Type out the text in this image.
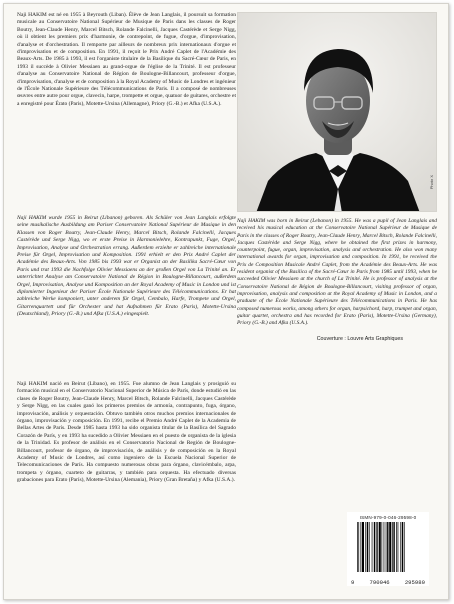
Naji HAKIM est né en 1955 à Beyrouth (Liban). Élève de Jean Langlais, il poursuit sa formation musicale au Conservatoire National Supérieur de Musique de Paris dans les classes de Roger Boutry, Jean-Claude Henry, Marcel Bitsch, Rolande Falcinelli, Jacques Castérède et Serge Nigg, où il obtient les premiers prix d'harmonie, de contrepoint, de fugue, d'orgue, d'improvisation, d'analyse et d'orchestration. Il remporte par ailleurs de nombreux prix internationaux d'orgue et d'improvisation et de composition. En 1991, il reçoit le Prix André Caplet de l'Académie des Beaux-Arts. De 1985 à 1993, il est l'organiste titulaire de la Basilique du Sacré-Cœur de Paris, en 1993 il succède à Olivier Messiaen au grand-orgue de l'église de la Trinité. Il est professeur d'analyse au Conservatoire National de Région de Boulogne-Billancourt, professeur d'orgue, d'improvisation, d'analyse et de composition à la Royal Academy of Music de Londres et ingénieur de l'École Nationale Supérieure des Télécommunications de Paris. Il a composé de nombreuses œuvres entre autre pour orgue, clavecin, harpe, trompette et orgue, quatuor de guitares, orchestre et a enregistré pour Érato (Paris), Motette-Ursina (Allemagne), Priory (G.-B.) et Afka (U.S.A.).

Naji HAKIM wurde 1955 in Beirut (Libanon) geboren. Als Schüler von Jean Langlais erfolgte seine musikalische Ausbildung am Pariser Conservatoire National Supérieur de Musique in den Klassen von Roger Boutry, Jean-Claude Henry, Marcel Bitsch, Rolande Falcinelli, Jacques Castérède und Serge Nigg, wo er erste Preise in Harmonielehre, Kontrapunkt, Fuge, Orgel, Improvisation, Analyse und Orchestration errang. Außerdem erzielte er zahlreiche internationale Preise für Orgel, Improvisation und Komposition. 1991 erhielt er den Prix André Caplet der Académie des Beaux-Arts. Von 1985 bis 1993 war er Organist an der Basilika Sacré-Cœur von Paris und trat 1993 die Nachfolge Olivier Messiaens an der großen Orgel von La Trinité an. Er unterrichtet Analyse am Conservatoire National de Région in Boulogne-Billancourt, außerdem Orgel, Improvisation, Analyse und Komposition an der Royal Academy of Music in London und ist diplomierter Ingenieur der Pariser École Nationale Supérieure des Télécommunications. Er hat zahlreiche Werke komponiert, unter anderem für Orgel, Cembalo, Harfe, Trompete und Orgel, Gitarrenquartett und für Orchester und hat Aufnahmen für Erato (Paris), Motette-Ursina (Deutschland), Priory (G.-B.) und Afka (U.S.A.) eingespielt.

Naji HAKIM nació en Beirut (Líbano), en 1955. Fue alumno de Jean Langlais y prosiguió su formación musical en el Conservatorio Nacional Superior de Música de París, donde estudió en las clases de Roger Boutry, Jean-Claude Henry, Marcel Bitsch, Rolande Falcinelli, Jacques Castérède y Serge Nigg, en las cuales ganó los primeros premios de armonía, contrapunto, fuga, órgano, improvisación, análisis y orquestación. Obtuvo también otros muchos premios internacionales de órgano, improvisación y composición. En 1991, recibe el Premio André Caplet de la Academia de Bellas Artes de París. Desde 1985 hasta 1993 ha sido organista titular de la Basílica del Sagrado Corazón de París, y en 1993 ha sucedido a Olivier Messiaen en el puesto de organista de la iglesia de la Trinidad. Es profesor de análisis en el Conservatorio Nacional de Región de Boulogne-Billancourt, profesor de órgano, de improvisación, de análisis y de composición en la Royal Academy of Music de Londres, así como ingeniero de la Escuela Nacional Superior de Telecomunicaciones de París. Ha compuesto numerosas obras para órgano, clavicémbalo, arpa, trompeta y órgano, cuarteto de guitarras, y también para orquesta. Ha efectuado diversas grabaciones para Erato (París), Motette-Ursina (Alemania), Priory (Gran Bretaña) y Afka (U.S.A.).

Photo X

Naji HAKIM was born in Beirut (Lebanon) in 1955. He was a pupil of Jean Langlais and received his musical education at the Conservatoire National Supérieur de Musique de Paris in the classes of Roger Boutry, Jean-Claude Henry, Marcel Bitsch, Rolande Falcinelli, Jacques Castérède and Serge Nigg, where he obtained the first prizes in harmony, counterpoint, fugue, organ, improvisation, analysis and orchestration. He also won many international awards for organ, improvisation and composition. In 1991, he received the Prix de Composition Musicale André Caplet, from the Académie des Beaux-Arts. He was resident organist of the Basilica of the Sacré-Cœur in Paris from 1985 until 1993, when he succeeded Olivier Messiaen at the church of La Trinité. He is professor of analysis at the Conservatoire National de Région de Boulogne-Billancourt, visiting professor of organ, improvisation, analysis and composition at the Royal Academy of Music in London, and a graduate of the École Nationale Supérieure des Télécommunications in Paris. He has composed numerous works, among others for organ, harpsichord, harp, trumpet and organ, guitar quartet, orchestra and has recorded for Erato (Paris), Motette-Ursina (Germany), Priory (G.-B.) and Afka (U.S.A.).

Couverture : Louvre Arts Graphiques

ISMN-979-0-046-29598-0
9	790046	295980
